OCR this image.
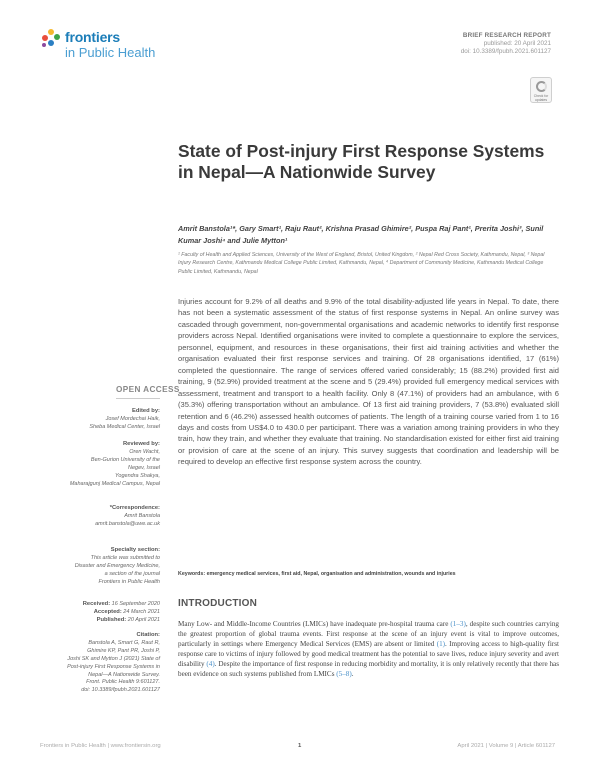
frontiers
in Public Health
BRIEF RESEARCH REPORT
published: 20 April 2021
doi: 10.3389/fpubh.2021.601127
Check for updates
State of Post-injury First Response Systems in Nepal—A Nationwide Survey
Amrit Banstola¹*, Gary Smart¹, Raju Raut², Krishna Prasad Ghimire², Puspa Raj Pant¹, Prerita Joshi³, Sunil Kumar Joshi⁴ and Julie Mytton¹
¹ Faculty of Health and Applied Sciences, University of the West of England, Bristol, United Kingdom, ² Nepal Red Cross Society, Kathmandu, Nepal, ³ Nepal Injury Research Centre, Kathmandu Medical College Public Limited, Kathmandu, Nepal, ⁴ Department of Community Medicine, Kathmandu Medical College Public Limited, Kathmandu, Nepal

Injuries account for 9.2% of all deaths and 9.9% of the total disability-adjusted life years in Nepal. To date, there has not been a systematic assessment of the status of first response systems in Nepal. An online survey was cascaded through government, non-governmental organisations and academic networks to identify first response providers across Nepal. Identified organisations were invited to complete a questionnaire to explore the services, personnel, equipment, and resources in these organisations, their first aid training activities and whether the organisation evaluated their first response services and training. Of 28 organisations identified, 17 (61%) completed the questionnaire. The range of services offered varied considerably; 15 (88.2%) provided first aid training, 9 (52.9%) provided treatment at the scene and 5 (29.4%) provided full emergency medical services with assessment, treatment and transport to a health facility. Only 8 (47.1%) of providers had an ambulance, with 6 (35.3%) offering transportation without an ambulance. Of 13 first aid training providers, 7 (53.8%) evaluated skill retention and 6 (46.2%) assessed health outcomes of patients. The length of a training course varied from 1 to 16 days and costs from US$4.0 to 430.0 per participant. There was a variation among training providers in who they train, how they train, and whether they evaluate that training. No standardisation existed for either first aid training or provision of care at the scene of an injury. This survey suggests that coordination and leadership will be required to develop an effective first response system across the country.

Keywords: emergency medical services, first aid, Nepal, organisation and administration, wounds and injuries
INTRODUCTION

Many Low- and Middle-Income Countries (LMICs) have inadequate pre-hospital trauma care (1–3), despite such countries carrying the greatest proportion of global trauma events. First response at the scene of an injury event is vital to improve outcomes, particularly in settings where Emergency Medical Services (EMS) are absent or limited (1). Improving access to high-quality first response care to victims of injury followed by good medical treatment has the potential to save lives, reduce injury severity and avert disability (4). Despite the importance of first response in reducing morbidity and mortality, it is only relatively recently that there has been evidence on such systems published from LMICs (5–8).

OPEN ACCESS
Edited by:
Josef Mordechai Haik,
Sheba Medical Center, Israel
Reviewed by:
Oren Wacht,
Ben-Gurion University of the
Negev, Israel
Yogendra Shakya,
Maharajgunj Medical Campus, Nepal
*Correspondence:
Amrit Banstola
amrit.banstola@uwe.ac.uk
Specialty section:
This article was submitted to
Disaster and Emergency Medicine,
a section of the journal
Frontiers in Public Health
Received: 16 September 2020
Accepted: 24 March 2021
Published: 20 April 2021
Citation:
Banstola A, Smart G, Raut R,
Ghimire KP, Pant PR, Joshi P,
Joshi SK and Mytton J (2021) State of
Post-injury First Response Systems in
Nepal—A Nationwide Survey.
Front. Public Health 9:601127.
doi: 10.3389/fpubh.2021.601127
Frontiers in Public Health | www.frontiersin.org	1	April 2021 | Volume 9 | Article 601127
